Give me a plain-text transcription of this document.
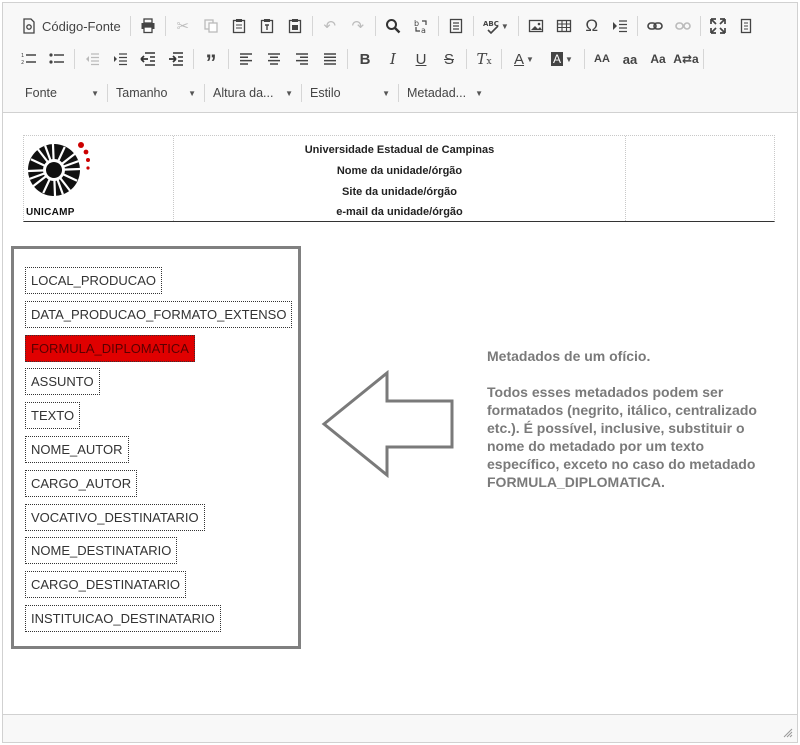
Código-Fonte	✂	↶ ↷	b
a
ABC ▼	Ω
1
2	”	B I U S Tx A ▼ A ▼ AA aa Aa A⇄a
Fonte	▼ Tamanho	▼ Altura da... ▼ Estilo	▼ Metadad... ▼
UNICAMP
Universidade Estadual de Campinas
Nome da unidade/órgão
Site da unidade/órgão
e-mail da unidade/órgão
LOCAL_PRODUCAO
DATA_PRODUCAO_FORMATO_EXTENSO
FORMULA_DIPLOMATICA
ASSUNTO
TEXTO
NOME_AUTOR
CARGO_AUTOR
VOCATIVO_DESTINATARIO
NOME_DESTINATARIO
CARGO_DESTINATARIO
INSTITUICAO_DESTINATARIO

Metadados de um ofício.

Todos esses metadados podem ser formatados (negrito, itálico, centralizado etc.). É possível, inclusive, substituir o nome do metadado por um texto específico, exceto no caso do metadado FORMULA_DIPLOMATICA.
